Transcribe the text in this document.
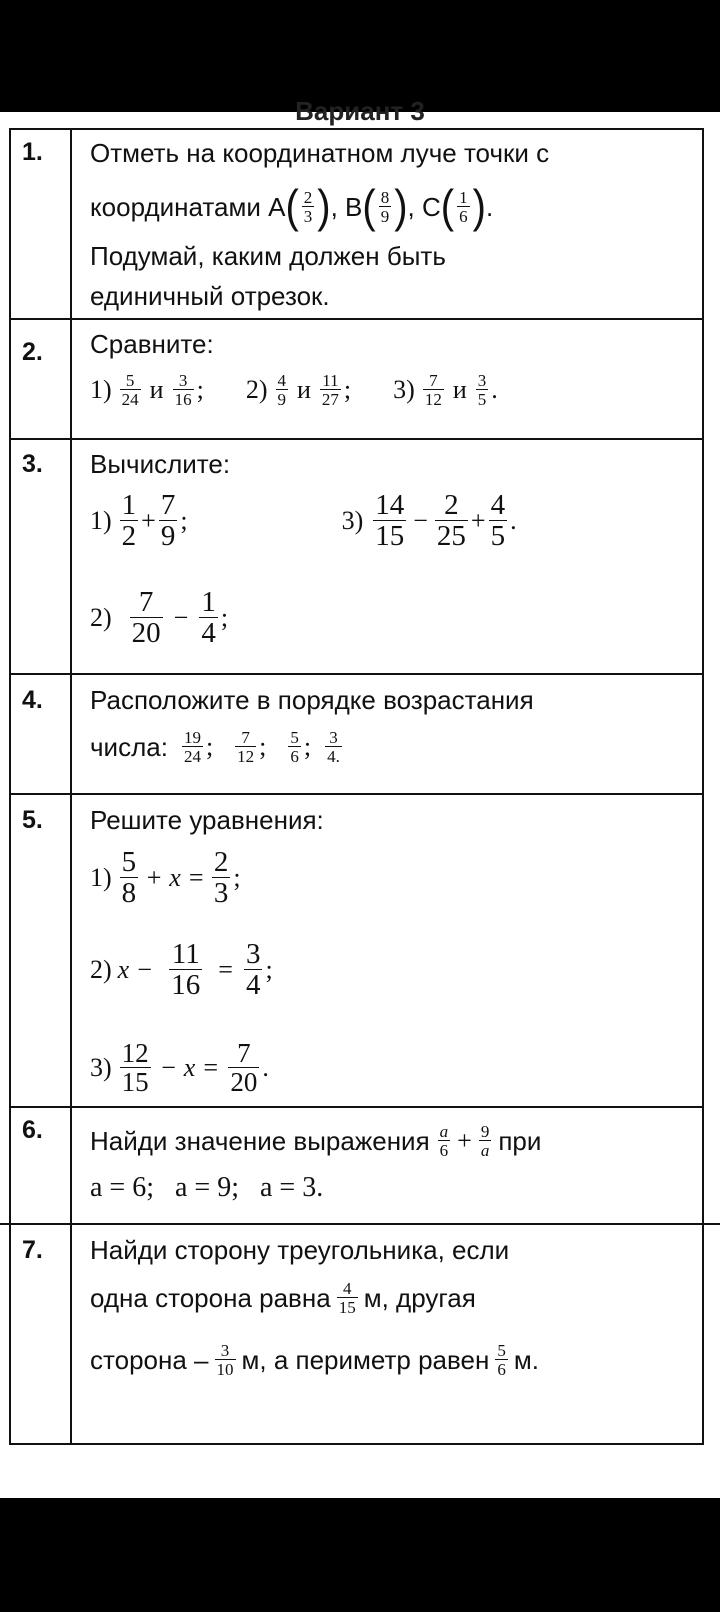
Вариант 3
1. Отметь на координатном луче точки с
координатами А ( $\frac{2}{3}$ ) , В ( $\frac{8}{9}$ ) , С ( $\frac{1}{6}$ ) .
Подумай, каким должен быть
единичный отрезок.
2. Сравните:
$1) \frac{5}{24}$ и $\frac{3}{16}$ ; $2) \frac{4}{9}$ и $\frac{11}{27}$ ; $3) \frac{7}{12}$ и $\frac{3}{5}$ .
3. Вычислите:
$1) \frac{1}{2} + \frac{7}{9}$ ;	$3) \frac{14}{15} - \frac{2}{25} + \frac{4}{5}$ .
$2) \frac{7}{20} - \frac{1}{4}$ ;
4. Расположите в порядке возрастания
числа: $\frac{19}{24}$ ; $\frac{7}{12}$ ; $\frac{5}{6}$ ; $\frac{3}{4.}$
5. Решите уравнения:
$1) \frac{5}{8} + x = \frac{2}{3}$ ;
2) $x - \frac{11}{16} = \frac{3}{4}$ ;
$3) \frac{12}{15} - x = \frac{7}{20}$ .
6. Найди значение выражения $\frac{a}{6} + \frac{9}{a}$ при
a = 6;   a = 9;   a = 3.
7. Найди сторону треугольника, если
одна сторона равна $\frac{4}{15} м$, другая
сторона – $\frac{3}{10} м$, а периметр равен $\frac{5}{6} м$.
